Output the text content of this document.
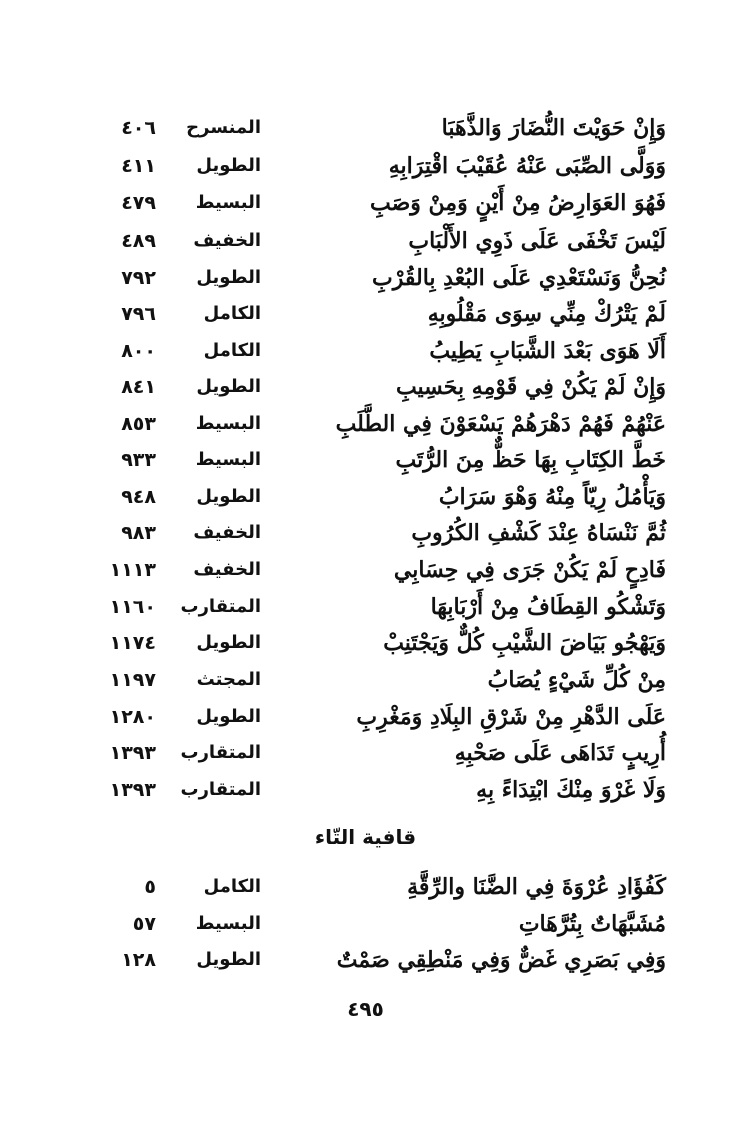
وَإِنْ حَوَيْتَ النُّضَارَ وَالذَّهَبَا
المنسرح
٤٠٦
وَوَلَّى الصِّبَى عَنْهُ عُقَيْبَ اقْتِرَابِهِ
الطويل
٤١١
فَهُوَ العَوَارِضُ مِنْ أَيْنٍ وَمِنْ وَصَبِ
البسيط
٤٧٩
لَيْسَ تَخْفَى عَلَى ذَوِي الأَلْبَابِ
الخفيف
٤٨٩
نُحِنُّ وَنَسْتَعْدِي عَلَى البُعْدِ بِالقُرْبِ
الطويل
٧٩٢
لَمْ يَتْرُكْ مِنِّي سِوَى مَقْلُوبِهِ
الكامل
٧٩٦
أَلَا هَوَى بَعْدَ الشَّبَابِ يَطِيبُ
الكامل
٨٠٠
وَإِنْ لَمْ يَكُنْ فِي قَوْمِهِ بِحَسِيبِ
الطويل
٨٤١
عَنْهُمْ فَهُمْ دَهْرَهُمْ يَسْعَوْنَ فِي الطَّلَبِ
البسيط
٨٥٣
خَطَّ الكِتَابِ بِهَا حَظٌّ مِنَ الرُّتَبِ
البسيط
٩٣٣
وَيَأْمُلُ رِيّاً مِنْهُ وَهْوَ سَرَابُ
الطويل
٩٤٨
ثُمَّ نَنْسَاهُ عِنْدَ كَشْفِ الكُرُوبِ
الخفيف
٩٨٣
فَادِحٍ لَمْ يَكُنْ جَرَى فِي حِسَابِي
الخفيف
١١١٣
وَتَشْكُو القِطَافُ مِنْ أَرْبَابِهَا
المتقارب
١١٦٠
وَيَهْجُو بَيَاضَ الشَّيْبِ كُلٌّ وَيَجْتَنِبْ
الطويل
١١٧٤
مِنْ كُلِّ شَيْءٍ يُصَابُ
المجتث
١١٩٧
عَلَى الدَّهْرِ مِنْ شَرْقِ البِلَادِ وَمَغْرِبِ
الطويل
١٢٨٠
أُرِيبٍ تَدَاهَى عَلَى صَحْبِهِ
المتقارب
١٣٩٣
وَلَا غَرْوَ مِنْكَ ابْتِدَاءً بِهِ
المتقارب
١٣٩٣
قافية التّاء
كَفُؤَادِ عُرْوَةَ فِي الضَّنَا والرِّقَّةِ
الكامل
٥
مُشَبَّهَاتٌ بِتُرَّهَاتِ
البسيط
٥٧
وَفِي بَصَرِي غَضٌّ وَفِي مَنْطِقِي صَمْتٌ
الطويل
١٢٨
٤٩٥
